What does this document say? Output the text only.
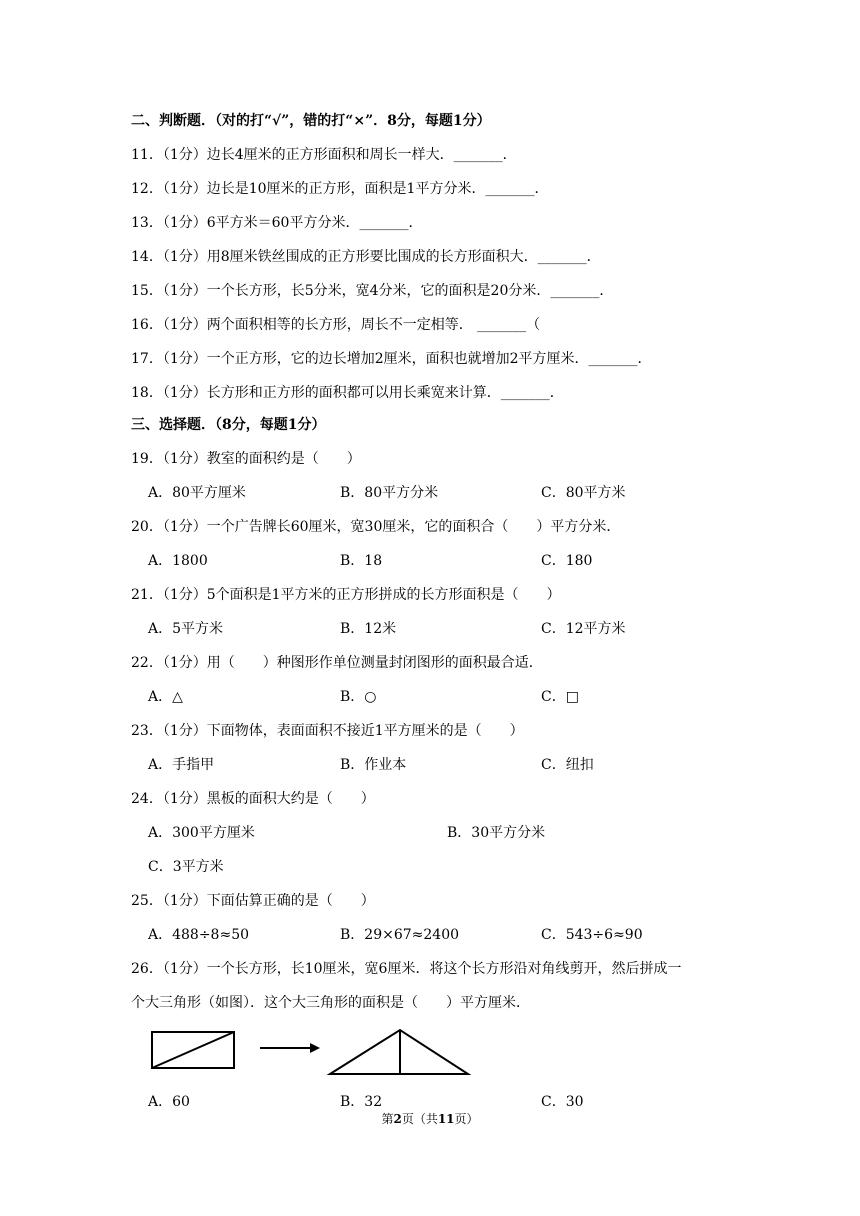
二、判断题．（对的打“√”，错的打“×”．8分，每题1分）
11．（1分）边长4厘米的正方形面积和周长一样大．_______．
12．（1分）边长是10厘米的正方形，面积是1平方分米．_______．
13．（1分）6平方米＝60平方分米．_______．
14．（1分）用8厘米铁丝围成的正方形要比围成的长方形面积大．_______．
15．（1分）一个长方形，长5分米，宽4分米，它的面积是20分米．_______．
16．（1分）两个面积相等的长方形，周长不一定相等． _______（
17．（1分）一个正方形，它的边长增加2厘米，面积也就增加2平方厘米．_______．
18．（1分）长方形和正方形的面积都可以用长乘宽来计算．_______．
三、选择题．（8分，每题1分）
19．（1分）教室的面积约是（　　）
A．80平方厘米	B．80平方分米	C．80平方米
20．（1分）一个广告牌长60厘米，宽30厘米，它的面积合（　　）平方分米．
A．1800	B．18	C．180
21．（1分）5个面积是1平方米的正方形拼成的长方形面积是（　　）
A．5平方米	B．12米	C．12平方米
22．（1分）用（　　）种图形作单位测量封闭图形的面积最合适．
A．△	B．○	C．□
23．（1分）下面物体，表面面积不接近1平方厘米的是（　　）
A．手指甲	B．作业本	C．纽扣
24．（1分）黑板的面积大约是（　　）
A．300平方厘米	B．30平方分米
C．3平方米
25．（1分）下面估算正确的是（　　）
A．488÷8≈50	B．29×67≈2400	C．543÷6≈90
26．（1分）一个长方形，长10厘米，宽6厘米．将这个长方形沿对角线剪开，然后拼成一
个大三角形（如图）．这个大三角形的面积是（　　）平方厘米．
A．60	B．32	C．30
第2页（共11页）
